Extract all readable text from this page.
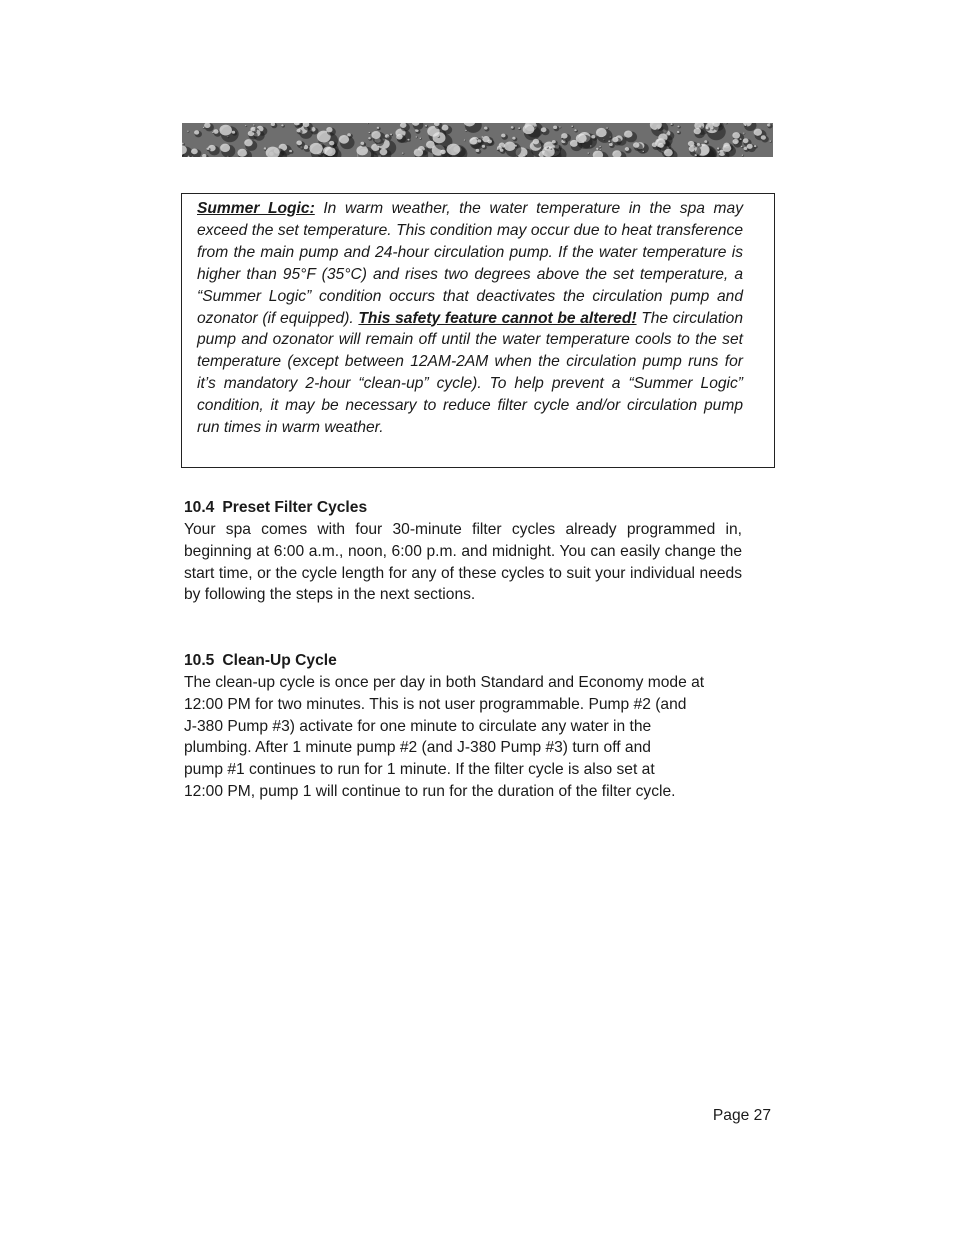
Summer Logic: In warm weather, the water temperature in the spa may exceed the set temperature. This condition may occur due to heat transference from the main pump and 24-hour circulation pump. If the water temperature is higher than 95°F (35°C) and rises two degrees above the set temperature, a “Summer Logic” condition occurs that deactivates the circulation pump and ozonator (if equipped). This safety feature cannot be altered! The circulation pump and ozonator will remain off until the water temperature cools to the set temperature (except between 12AM-2AM when the circulation pump runs for it’s mandatory 2-hour “clean-up” cycle). To help prevent a “Summer Logic” condition, it may be necessary to reduce filter cycle and/or circulation pump run times in warm weather.

10.4 Preset Filter Cycles

Your spa comes with four 30-minute filter cycles already programmed in, beginning at 6:00 a.m., noon, 6:00 p.m. and midnight. You can easily change the start time, or the cycle length for any of these cycles to suit your individual needs by following the steps in the next sections.

10.5 Clean-Up Cycle

The clean-up cycle is once per day in both Standard and Economy mode at
12:00 PM for two minutes. This is not user programmable. Pump #2 (and
J-380 Pump #3) activate for one minute to circulate any water in the
plumbing. After 1 minute pump #2 (and J-380 Pump #3) turn off and
pump #1 continues to run for 1 minute. If the filter cycle is also set at
12:00 PM, pump 1 will continue to run for the duration of the filter cycle.

Page 27
